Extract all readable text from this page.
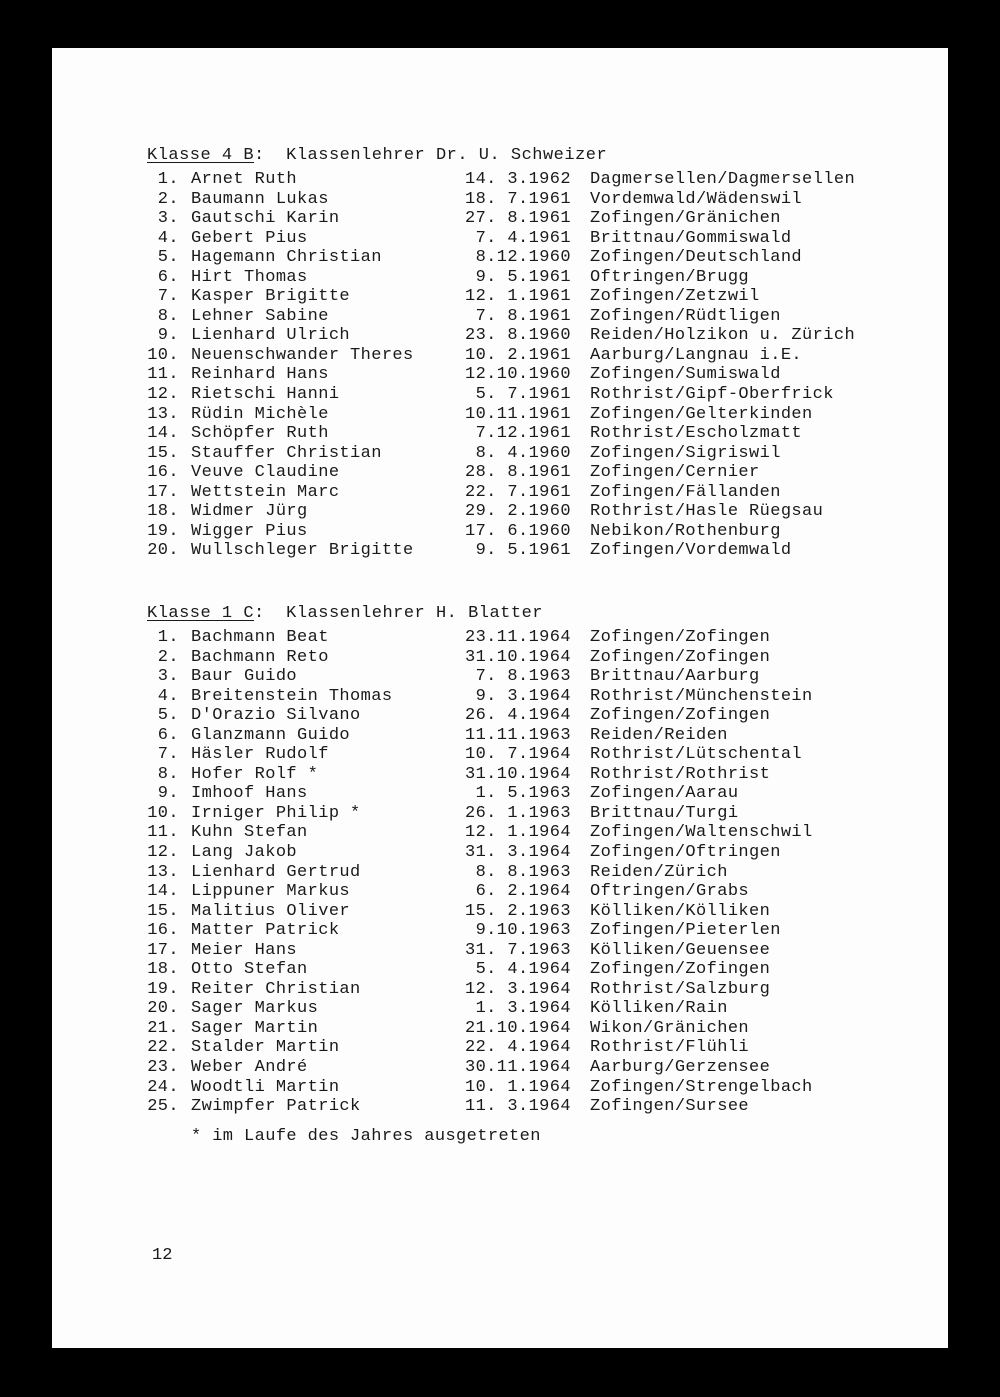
Klasse 4 B:  Klassenlehrer Dr. U. Schweizer
1. Arnet Ruth	14. 3.1962 Dagmersellen/Dagmersellen
2. Baumann Lukas	18. 7.1961 Vordemwald/Wädenswil
3. Gautschi Karin	27. 8.1961 Zofingen/Gränichen
4. Gebert Pius	7. 4.1961 Brittnau/Gommiswald
5. Hagemann Christian	8.12.1960 Zofingen/Deutschland
6. Hirt Thomas	9. 5.1961 Oftringen/Brugg
7. Kasper Brigitte	12. 1.1961 Zofingen/Zetzwil
8. Lehner Sabine	7. 8.1961 Zofingen/Rüdtligen
9. Lienhard Ulrich	23. 8.1960 Reiden/Holzikon u. Zürich
10. Neuenschwander Theres	10. 2.1961 Aarburg/Langnau i.E.
11. Reinhard Hans	12.10.1960 Zofingen/Sumiswald
12. Rietschi Hanni	5. 7.1961 Rothrist/Gipf-Oberfrick
13. Rüdin Michèle	10.11.1961 Zofingen/Gelterkinden
14. Schöpfer Ruth	7.12.1961 Rothrist/Escholzmatt
15. Stauffer Christian	8. 4.1960 Zofingen/Sigriswil
16. Veuve Claudine	28. 8.1961 Zofingen/Cernier
17. Wettstein Marc	22. 7.1961 Zofingen/Fällanden
18. Widmer Jürg	29. 2.1960 Rothrist/Hasle Rüegsau
19. Wigger Pius	17. 6.1960 Nebikon/Rothenburg
20. Wullschleger Brigitte	9. 5.1961 Zofingen/Vordemwald
Klasse 1 C:  Klassenlehrer H. Blatter
1. Bachmann Beat	23.11.1964 Zofingen/Zofingen
2. Bachmann Reto	31.10.1964 Zofingen/Zofingen
3. Baur Guido	7. 8.1963 Brittnau/Aarburg
4. Breitenstein Thomas	9. 3.1964 Rothrist/Münchenstein
5. D'Orazio Silvano	26. 4.1964 Zofingen/Zofingen
6. Glanzmann Guido	11.11.1963 Reiden/Reiden
7. Häsler Rudolf	10. 7.1964 Rothrist/Lütschental
8. Hofer Rolf *	31.10.1964 Rothrist/Rothrist
9. Imhoof Hans	1. 5.1963 Zofingen/Aarau
10. Irniger Philip *	26. 1.1963 Brittnau/Turgi
11. Kuhn Stefan	12. 1.1964 Zofingen/Waltenschwil
12. Lang Jakob	31. 3.1964 Zofingen/Oftringen
13. Lienhard Gertrud	8. 8.1963 Reiden/Zürich
14. Lippuner Markus	6. 2.1964 Oftringen/Grabs
15. Malitius Oliver	15. 2.1963 Kölliken/Kölliken
16. Matter Patrick	9.10.1963 Zofingen/Pieterlen
17. Meier Hans	31. 7.1963 Kölliken/Geuensee
18. Otto Stefan	5. 4.1964 Zofingen/Zofingen
19. Reiter Christian	12. 3.1964 Rothrist/Salzburg
20. Sager Markus	1. 3.1964 Kölliken/Rain
21. Sager Martin	21.10.1964 Wikon/Gränichen
22. Stalder Martin	22. 4.1964 Rothrist/Flühli
23. Weber André	30.11.1964 Aarburg/Gerzensee
24. Woodtli Martin	10. 1.1964 Zofingen/Strengelbach
25. Zwimpfer Patrick	11. 3.1964 Zofingen/Sursee
* im Laufe des Jahres ausgetreten
12
